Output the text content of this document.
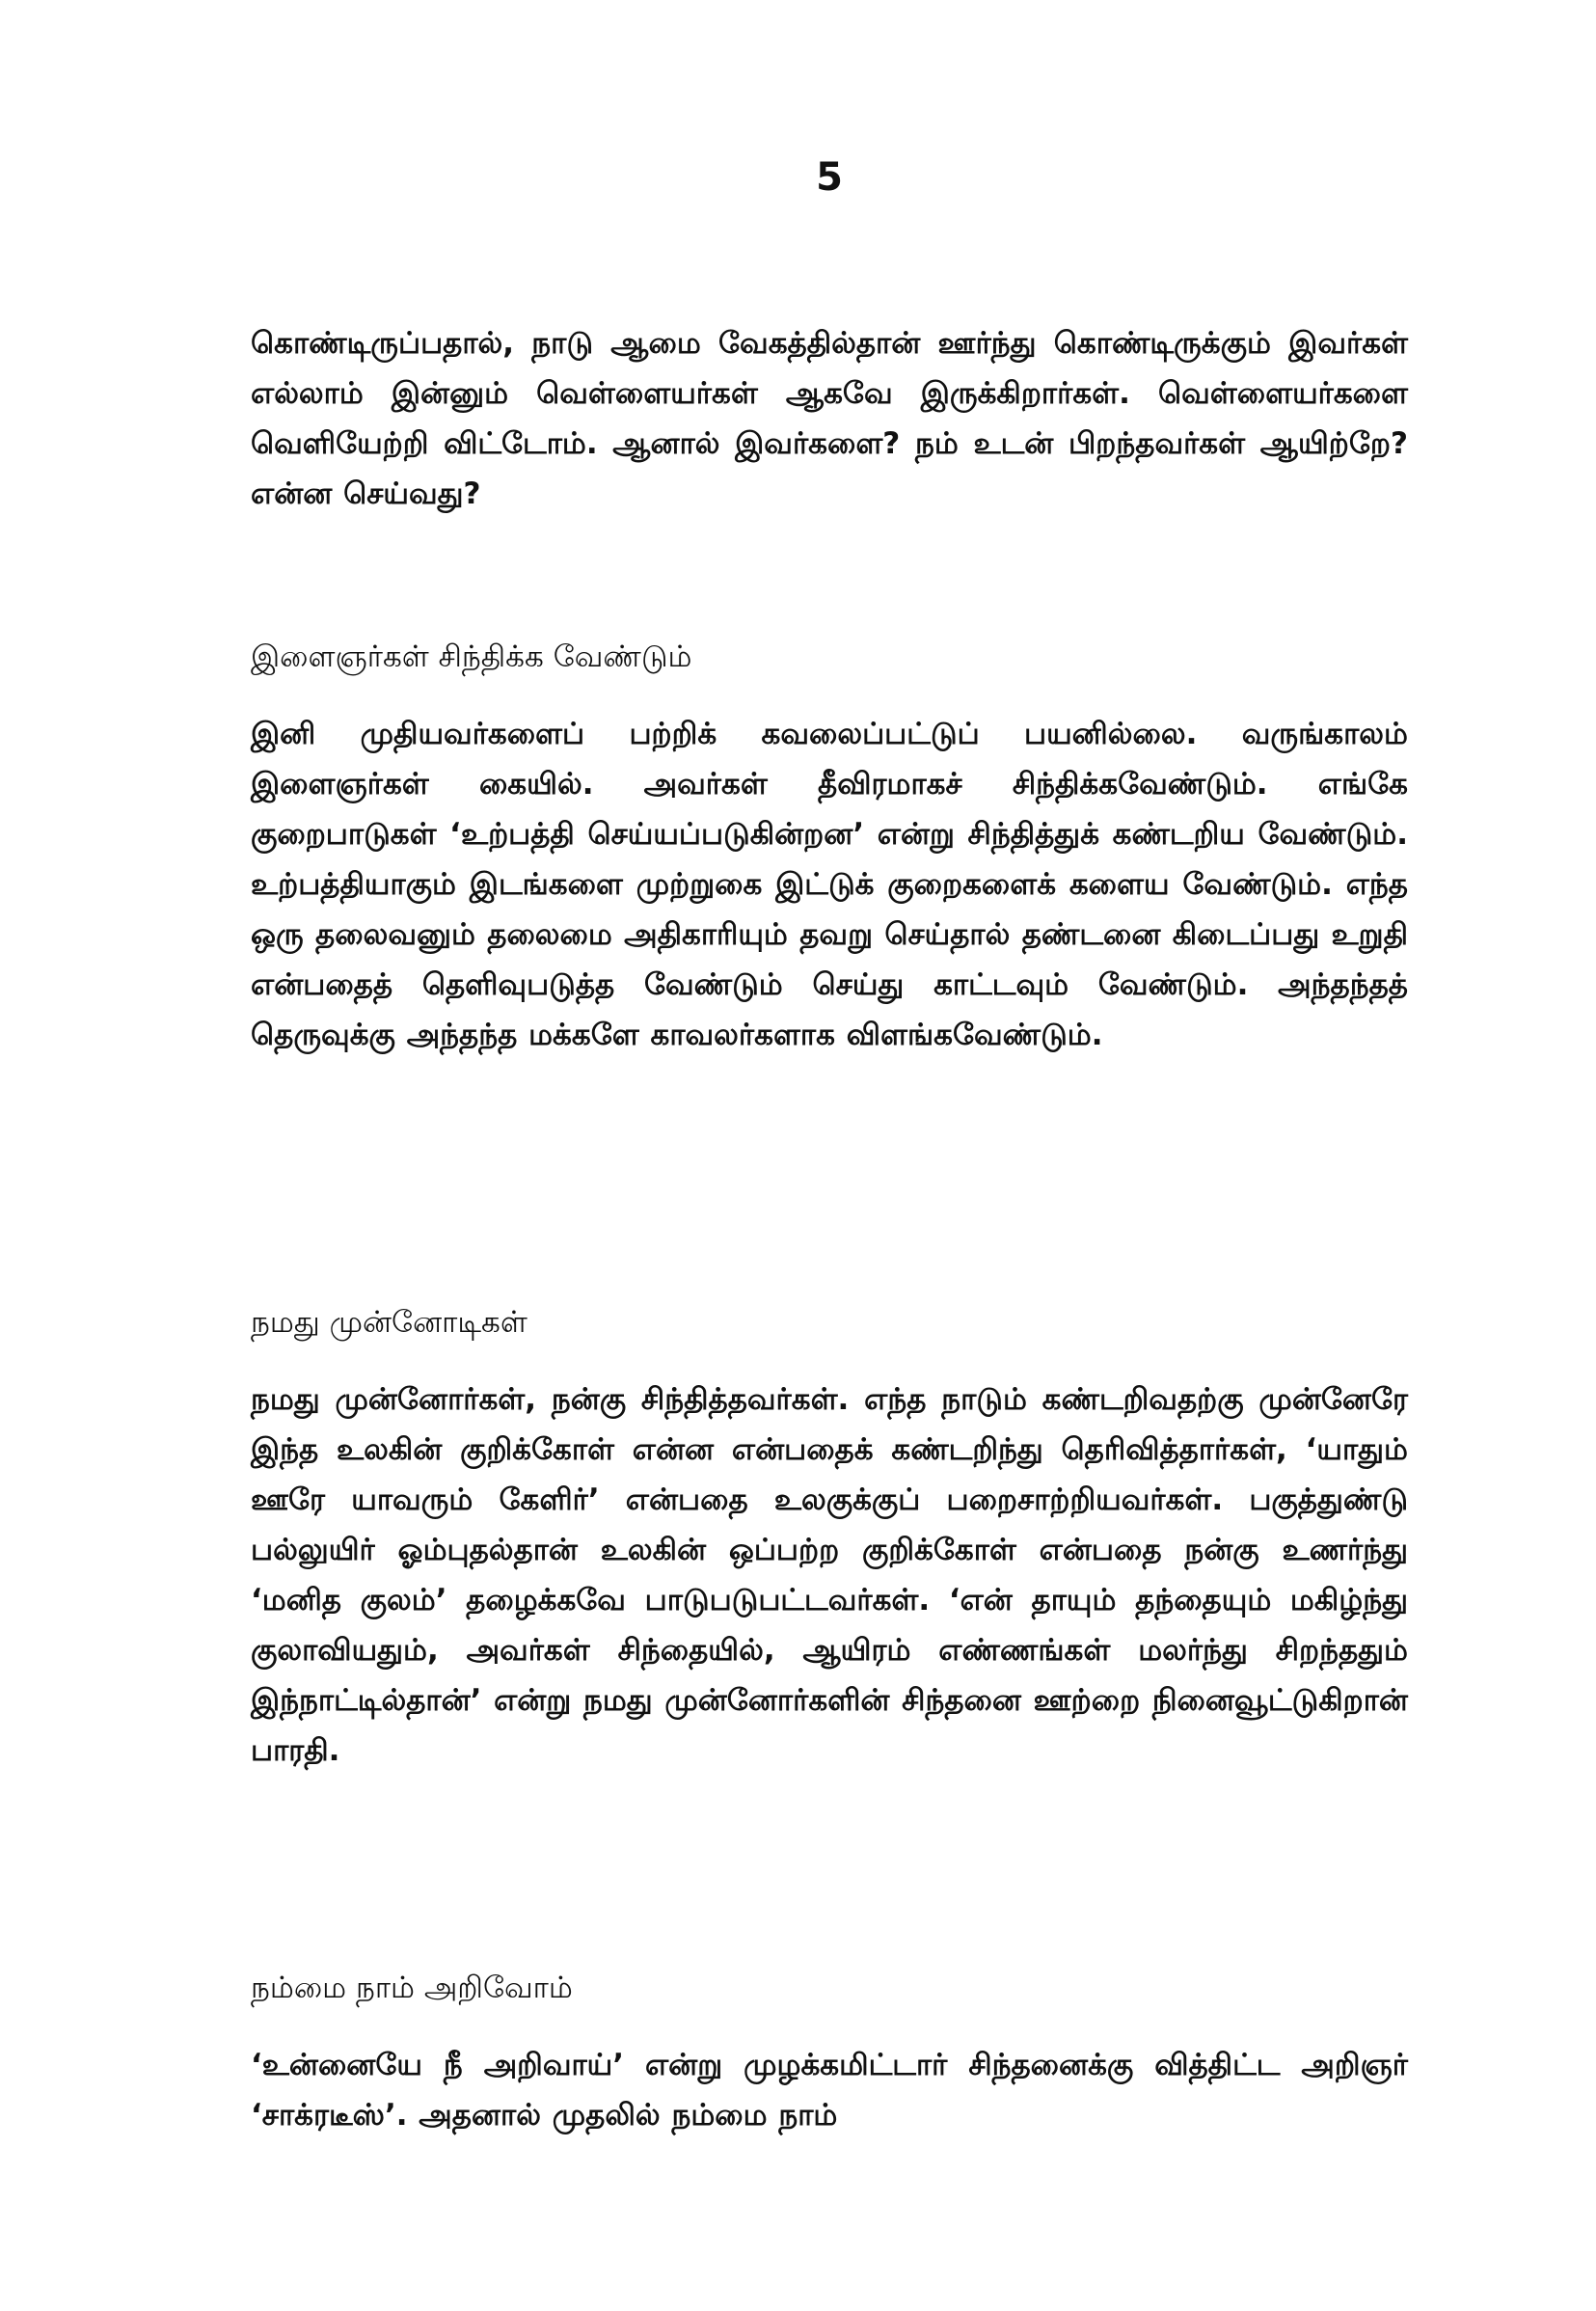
5

கொண்டிருப்பதால், நாடு ஆமை வேகத்தில்தான் ஊர்ந்து கொண்டிருக்கும் இவர்கள் எல்லாம் இன்னும் வெள்ளையர்கள் ஆகவே இருக்கிறார்கள். வெள்ளையர்களை வெளியேற்றி விட்டோம். ஆனால் இவர்களை? நம் உடன் பிறந்தவர்கள் ஆயிற்றே? என்ன செய்வது?

இளைஞர்கள் சிந்திக்க வேண்டும்

இனி முதியவர்களைப் பற்றிக் கவலைப்பட்டுப் பயனில்லை. வருங்காலம் இளைஞர்கள் கையில். அவர்கள் தீவிரமாகச் சிந்திக்கவேண்டும். எங்கே குறைபாடுகள் ‘உற்பத்தி செய்யப்படுகின்றன’ என்று சிந்தித்துக் கண்டறிய வேண்டும். உற்பத்தியாகும் இடங்களை முற்றுகை இட்டுக் குறைகளைக் களைய வேண்டும். எந்த ஒரு தலைவனும் தலைமை அதிகாரியும் தவறு செய்தால் தண்டனை கிடைப்பது உறுதி என்பதைத் தெளிவுபடுத்த வேண்டும் செய்து காட்டவும் வேண்டும். அந்தந்தத் தெருவுக்கு அந்தந்த மக்களே காவலர்களாக விளங்கவேண்டும்.

நமது முன்னோடிகள்

நமது முன்னோர்கள், நன்கு சிந்தித்தவர்கள். எந்த நாடும் கண்டறிவதற்கு முன்னேரே இந்த உலகின் குறிக்கோள் என்ன என்பதைக் கண்டறிந்து தெரிவித்தார்கள், ‘யாதும் ஊரே யாவரும் கேளிர்’ என்பதை உலகுக்குப் பறைசாற்றியவர்கள். பகுத்துண்டு பல்லுயிர் ஓம்புதல்தான் உலகின் ஒப்பற்ற குறிக்கோள் என்பதை நன்கு உணர்ந்து ‘மனித குலம்’ தழைக்கவே பாடுபடுபட்டவர்கள். ‘என் தாயும் தந்தையும் மகிழ்ந்து குலாவியதும், அவர்கள் சிந்தையில், ஆயிரம் எண்ணங்கள் மலர்ந்து சிறந்ததும் இந்நாட்டில்தான்’ என்று நமது முன்னோர்களின் சிந்தனை ஊற்றை நினைவூட்டுகிறான் பாரதி.

நம்மை நாம் அறிவோம்

‘உன்னையே நீ அறிவாய்’ என்று முழக்கமிட்டார் சிந்தனைக்கு வித்திட்ட அறிஞர் ‘சாக்ரடீஸ்’. அதனால் முதலில் நம்மை நாம்
